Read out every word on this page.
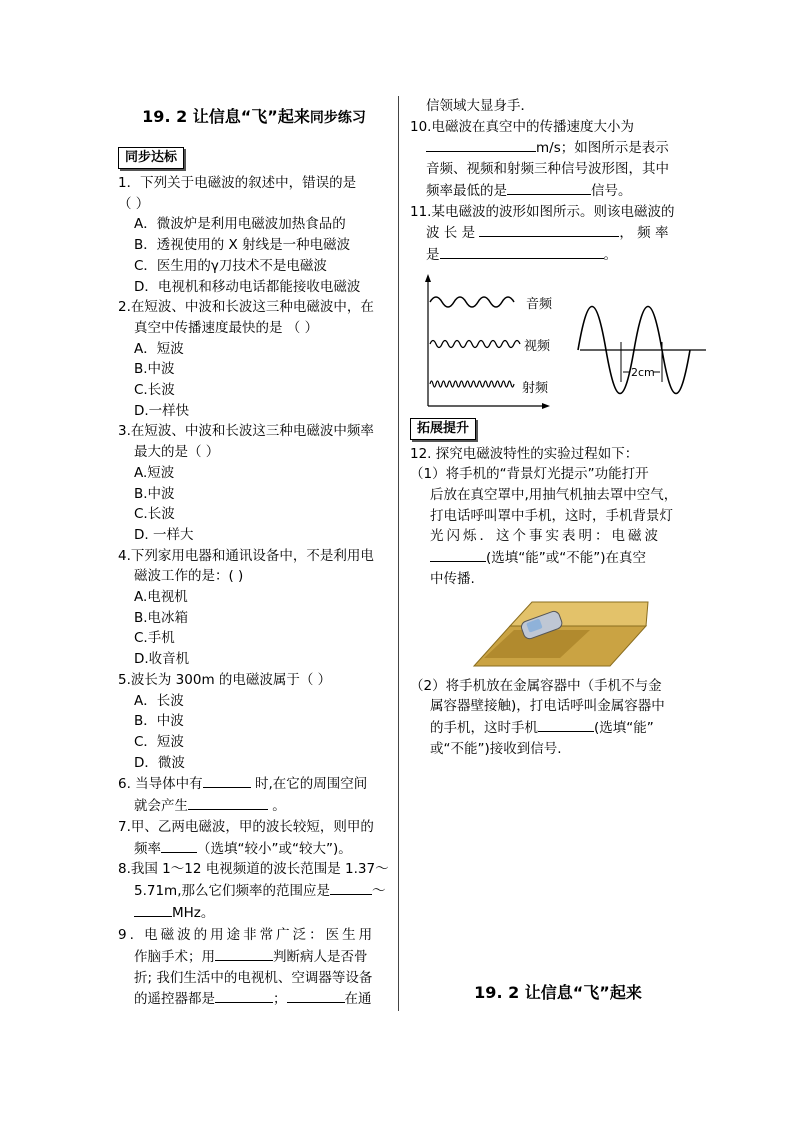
19. 2 让信息“飞”起来同步练习
同步达标

1．下列关于电磁波的叙述中，错误的是

（ ）

A．微波炉是利用电磁波加热食品的

B．透视使用的 X 射线是一种电磁波

C．医生用的γ刀技术不是电磁波

D．电视机和移动电话都能接收电磁波

2.在短波、中波和长波这三种电磁波中，在

真空中传播速度最快的是 （ ）

A．短波

B.中波

C.长波

D.一样快

3.在短波、中波和长波这三种电磁波中频率

最大的是（ ）

A.短波

B.中波

C.长波

D. 一样大

4.下列家用电器和通讯设备中，不是利用电

磁波工作的是：( )

A.电视机

B.电冰箱

C.手机

D.收音机

5.波长为 300m 的电磁波属于（ ）

A．长波

B．中波

C．短波

D．微波

6. 当导体中有	时,在它的周围空间

就会产生	。

7.甲、乙两电磁波，甲的波长较短，则甲的

频率	（选填“较小”或“较大”)。

8.我国 1～12 电视频道的波长范围是 1.37～

5.71m,那么它们频率的范围应是	～

MHz。

9. 电磁波的用途非常广泛：医生用

作脑手术；用	判断病人是否骨

折; 我们生活中的电视机、空调器等设备

的遥控器都是	；	在通

信领域大显身手．

10.电磁波在真空中的传播速度大小为

m/s；如图所示是表示

音频、视频和射频三种信号波形图，其中

频率最低的是	信号。

11.某电磁波的波形如图所示。则该电磁波的

波 长 是	， 频 率

是	。

音频
视频
射频
2cm
拓展提升

12. 探究电磁波特性的实验过程如下：

（1）将手机的“背景灯光提示”功能打开

后放在真空罩中,用抽气机抽去罩中空气，

打电话呼叫罩中手机，这时，手机背景灯

光闪烁．这个事实表明：电磁波

(选填“能”或“不能”)在真空

中传播.

（2）将手机放在金属容器中（手机不与金

属容器壁接触)，打电话呼叫金属容器中

的手机，这时手机	(选填“能”

或“不能”)接收到信号.

19. 2 让信息“飞”起来
